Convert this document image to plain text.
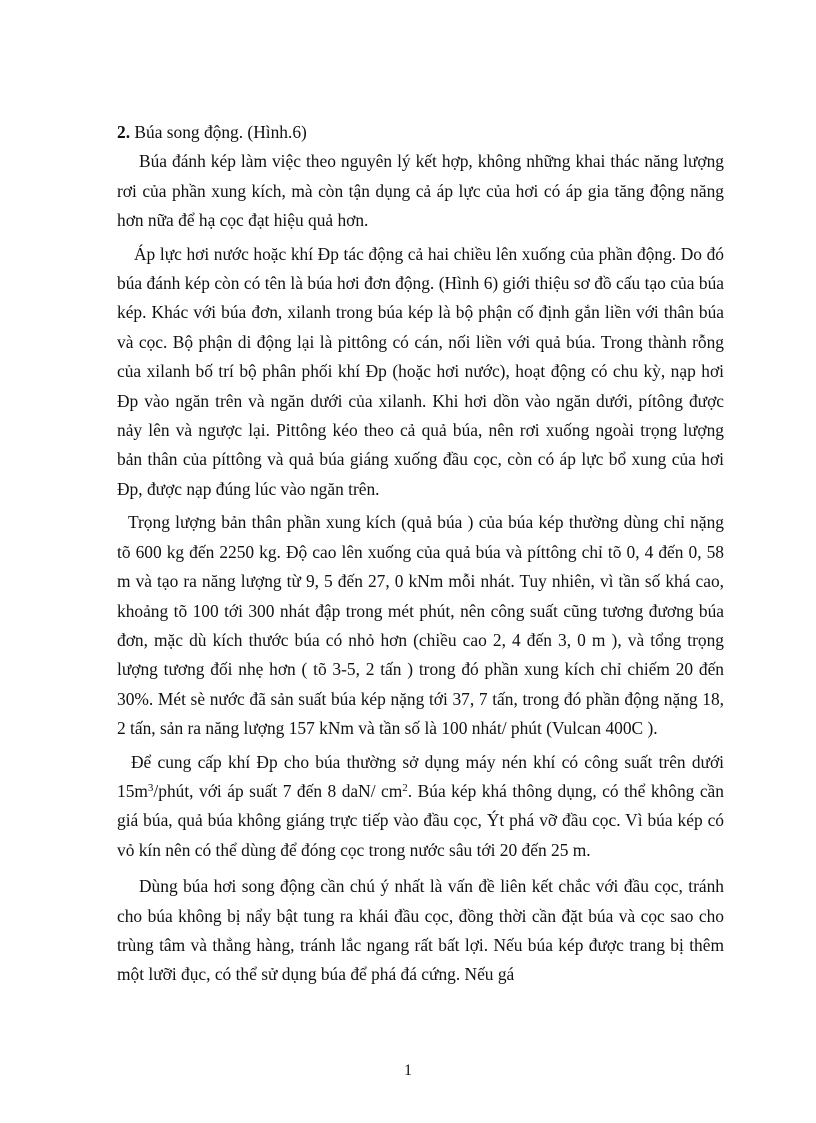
2. Búa song động. (Hình.6)

Búa đánh kép làm việc theo nguyên lý kết hợp, không những khai thác năng lượng rơi của phần xung kích, mà còn tận dụng cả áp lực của hơi có áp gia tăng động năng hơn nữa để hạ cọc đạt hiệu quả hơn.

Áp lực hơi nước hoặc khí Đp tác động cả hai chiều lên xuống của phần động. Do đó búa đánh kép còn có tên là búa hơi đơn động. (Hình 6) giới thiệu sơ đồ cấu tạo của búa kép. Khác với búa đơn, xilanh trong búa kép là bộ phận cố định gắn liền với thân búa và cọc. Bộ phận di động lại là pittông có cán, nối liền với quả búa. Trong thành rỗng của xilanh bố trí bộ phân phối khí Đp (hoặc hơi nước), hoạt động có chu kỳ, nạp hơi Đp vào ngăn trên và ngăn dưới của xilanh. Khi hơi dồn vào ngăn dưới, pítông được nảy lên và ngược lại. Pittông kéo theo cả quả búa, nên rơi xuống ngoài trọng lượng bản thân của píttông và quả búa giáng xuống đầu cọc, còn có áp lực bổ xung của hơi Đp, được nạp đúng lúc vào ngăn trên.

Trọng lượng bản thân phần xung kích (quả búa ) của búa kép thường dùng chỉ nặng tõ 600 kg đến 2250 kg. Độ cao lên xuống của quả búa và píttông chỉ tõ 0, 4 đến 0, 58 m và tạo ra năng lượng từ 9, 5 đến 27, 0 kNm mỗi nhát. Tuy nhiên, vì tần số khá cao, khoảng tõ 100 tới 300 nhát đập trong mét phút, nên công suất cũng tương đương búa đơn, mặc dù kích thước búa có nhỏ hơn (chiều cao 2, 4 đến 3, 0 m ), và tổng trọng lượng tương đối nhẹ hơn ( tõ 3-5, 2 tấn ) trong đó phần xung kích chỉ chiếm 20 đến 30%. Mét sè nước đã sản suất búa kép nặng tới 37, 7 tấn, trong đó phần động nặng 18, 2 tấn, sản ra năng lượng 157 kNm và tần số là 100 nhát/ phút (Vulcan 400C ).

Để cung cấp khí Đp cho búa thường sở dụng máy nén khí có công suất trên dưới $15m^3$/phút, với áp suất 7 đến 8 daN/ $cm^2$. Búa kép khá thông dụng, có thể không cần giá búa, quả búa không giáng trực tiếp vào đầu cọc, Ýt phá vỡ đầu cọc. Vì búa kép có vỏ kín nên có thể dùng để đóng cọc trong nước sâu tới 20 đến 25 m.

Dùng búa hơi song động cần chú ý nhất là vấn đề liên kết chắc với đầu cọc, tránh cho búa không bị nẩy bật tung ra khái đầu cọc, đồng thời cần đặt búa và cọc sao cho trùng tâm và thẳng hàng, tránh lắc ngang rất bất lợi. Nếu búa kép được trang bị thêm một lưỡi đục, có thể sử dụng búa để phá đá cứng. Nếu gá

1
